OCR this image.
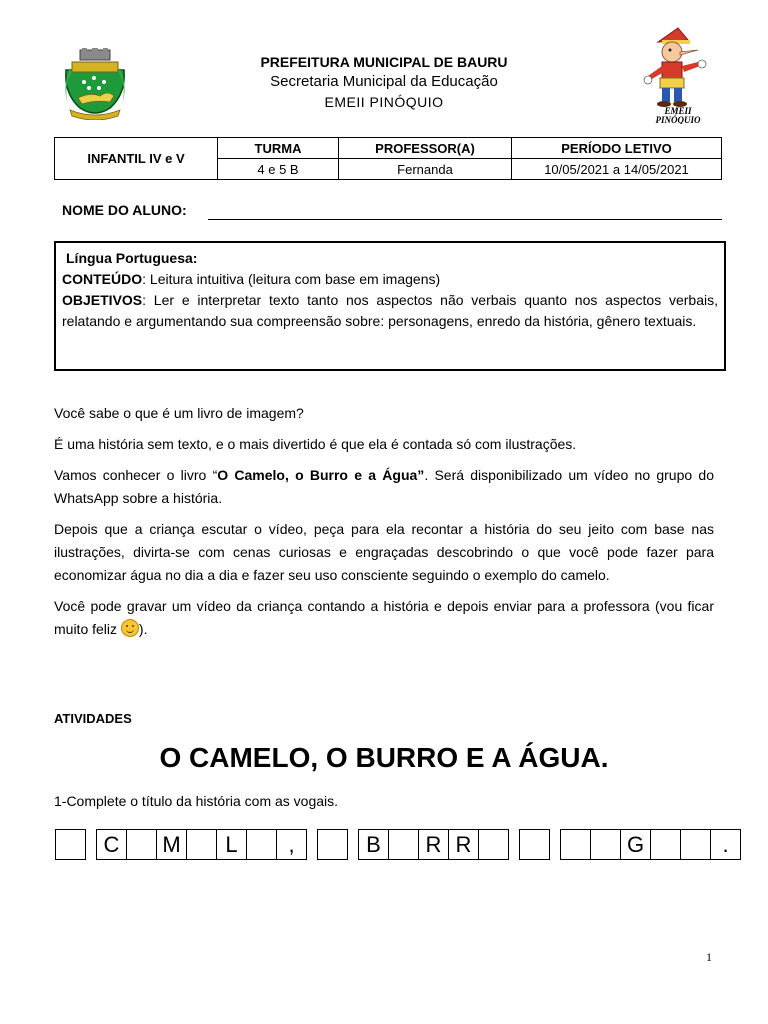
PREFEITURA MUNICIPAL DE BAURU
Secretaria Municipal da Educação
EMEII PINÓQUIO
EMEII
PINÓQUIO
INFANTIL IV e V	TURMA	PROFESSOR(A)	PERÍODO LETIVO
	4 e 5 B	Fernanda	10/05/2021 a 14/05/2021
NOME DO ALUNO:
Língua Portuguesa:
CONTEÚDO: Leitura intuitiva (leitura com base em imagens)
OBJETIVOS: Ler e interpretar texto tanto nos aspectos não verbais quanto nos aspectos verbais, relatando e argumentando sua compreensão sobre: personagens, enredo da história, gênero textuais.

Você sabe o que é um livro de imagem?

É uma história sem texto, e o mais divertido é que ela é contada só com ilustrações.

Vamos conhecer o livro “O Camelo, o Burro e a Água”. Será disponibilizado um vídeo no grupo do WhatsApp sobre a história.

Depois que a criança escutar o vídeo, peça para ela recontar a história do seu jeito com base nas ilustrações, divirta-se com cenas curiosas e engraçadas descobrindo o que você pode fazer para economizar água no dia a dia e fazer seu uso consciente seguindo o exemplo do camelo.

Você pode gravar um vídeo da criança contando a história e depois enviar para a professora (vou ficar muito feliz ).

ATIVIDADES
O CAMELO, O BURRO E A ÁGUA.
1-Complete o título da história com as vogais.
C	M	L	,	B	R R	G	.
1
